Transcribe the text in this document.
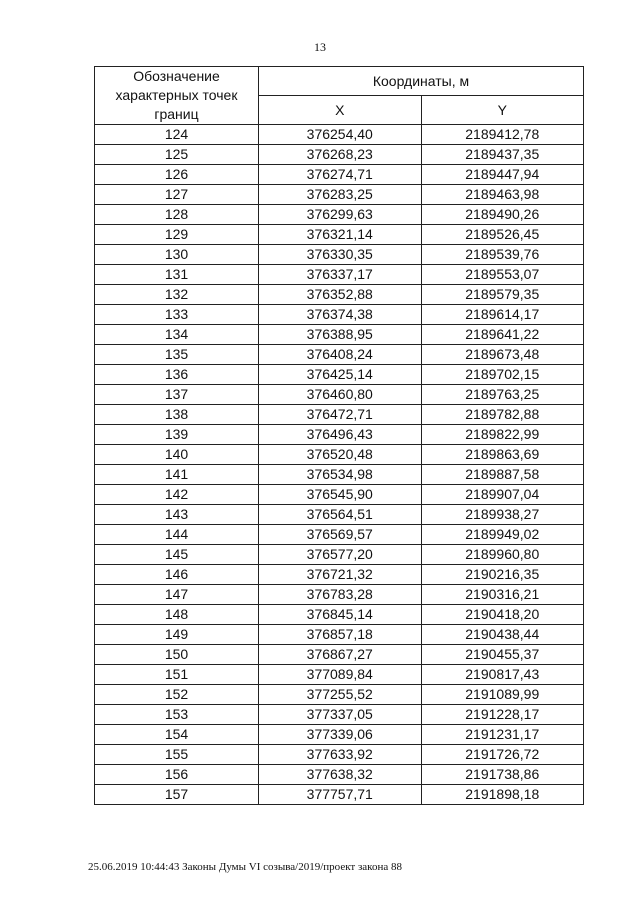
13
Обозначение характерных точек границ	Координаты, м	
	X	Y
124	376254,40	2189412,78
125	376268,23	2189437,35
126	376274,71	2189447,94
127	376283,25	2189463,98
128	376299,63	2189490,26
129	376321,14	2189526,45
130	376330,35	2189539,76
131	376337,17	2189553,07
132	376352,88	2189579,35
133	376374,38	2189614,17
134	376388,95	2189641,22
135	376408,24	2189673,48
136	376425,14	2189702,15
137	376460,80	2189763,25
138	376472,71	2189782,88
139	376496,43	2189822,99
140	376520,48	2189863,69
141	376534,98	2189887,58
142	376545,90	2189907,04
143	376564,51	2189938,27
144	376569,57	2189949,02
145	376577,20	2189960,80
146	376721,32	2190216,35
147	376783,28	2190316,21
148	376845,14	2190418,20
149	376857,18	2190438,44
150	376867,27	2190455,37
151	377089,84	2190817,43
152	377255,52	2191089,99
153	377337,05	2191228,17
154	377339,06	2191231,17
155	377633,92	2191726,72
156	377638,32	2191738,86
157	377757,71	2191898,18
25.06.2019 10:44:43 Законы Думы VI созыва/2019/проект закона 88
